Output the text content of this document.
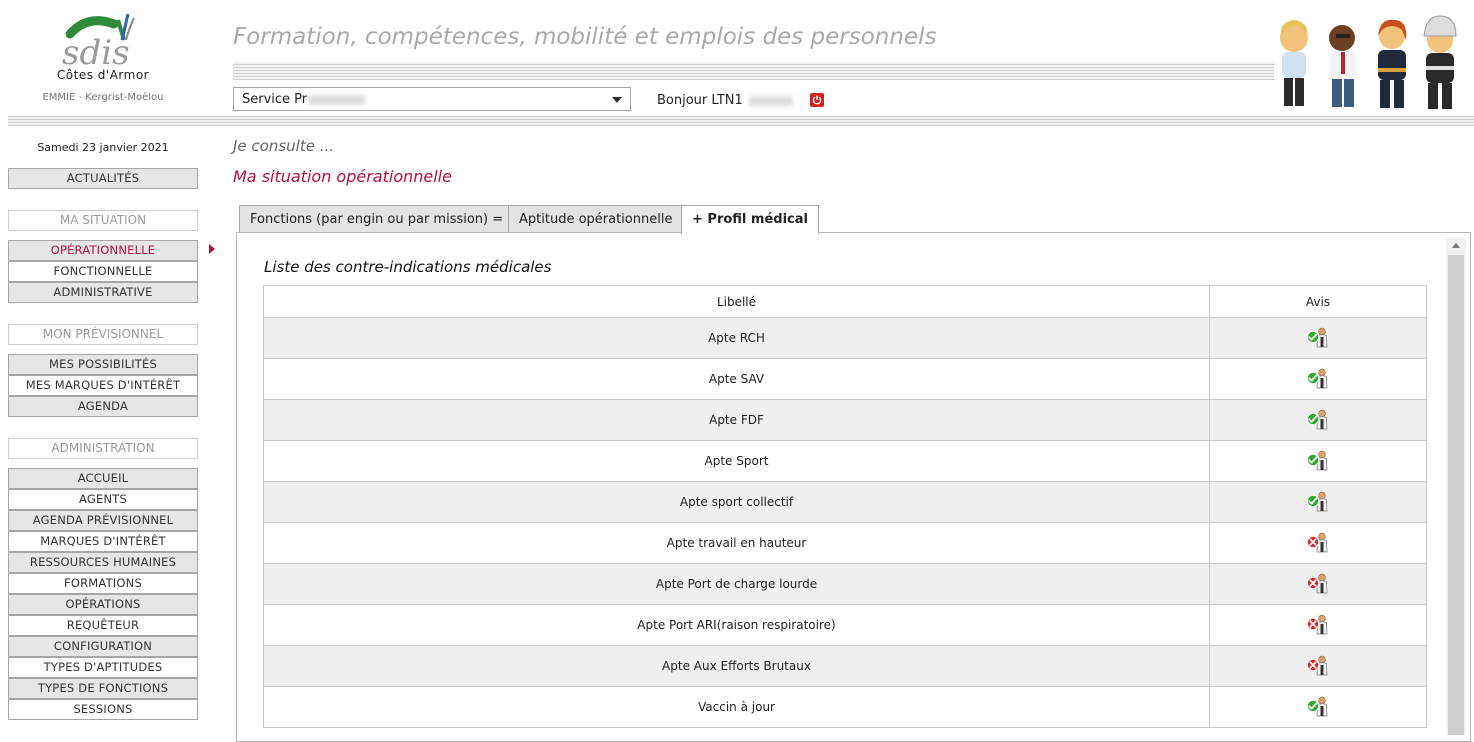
sdis
Côtes d'Armor
EMMIE - Kergrist-Moëlou
Formation, compétences, mobilité et emplois des personnels
Service Pr	Bonjour LTN1
Samedi 23 janvier 2021
ACTUALITÉS
MA SITUATION
OPÉRATIONNELLE
FONCTIONNELLE
ADMINISTRATIVE
MON PRÉVISIONNEL
MES POSSIBILITÉS
MES MARQUES D'INTÉRÊT
AGENDA
ADMINISTRATION
ACCUEIL
AGENTS
AGENDA PRÉVISIONNEL
MARQUES D'INTÉRÊT
RESSOURCES HUMAINES
FORMATIONS
OPÉRATIONS
REQUÊTEUR
CONFIGURATION
TYPES D'APTITUDES
TYPES DE FONCTIONS
SESSIONS
Je consulte ...
Ma situation opérationnelle
Fonctions (par engin ou par mission) =	Aptitude opérationnelle	+ Profil médical
Liste des contre-indications médicales
Libellé	Avis
Apte RCH	
Apte SAV	
Apte FDF	
Apte Sport	
Apte sport collectif	
Apte travail en hauteur	
Apte Port de charge lourde	
Apte Port ARI(raison respiratoire)	
Apte Aux Efforts Brutaux	
Vaccin à jour	
